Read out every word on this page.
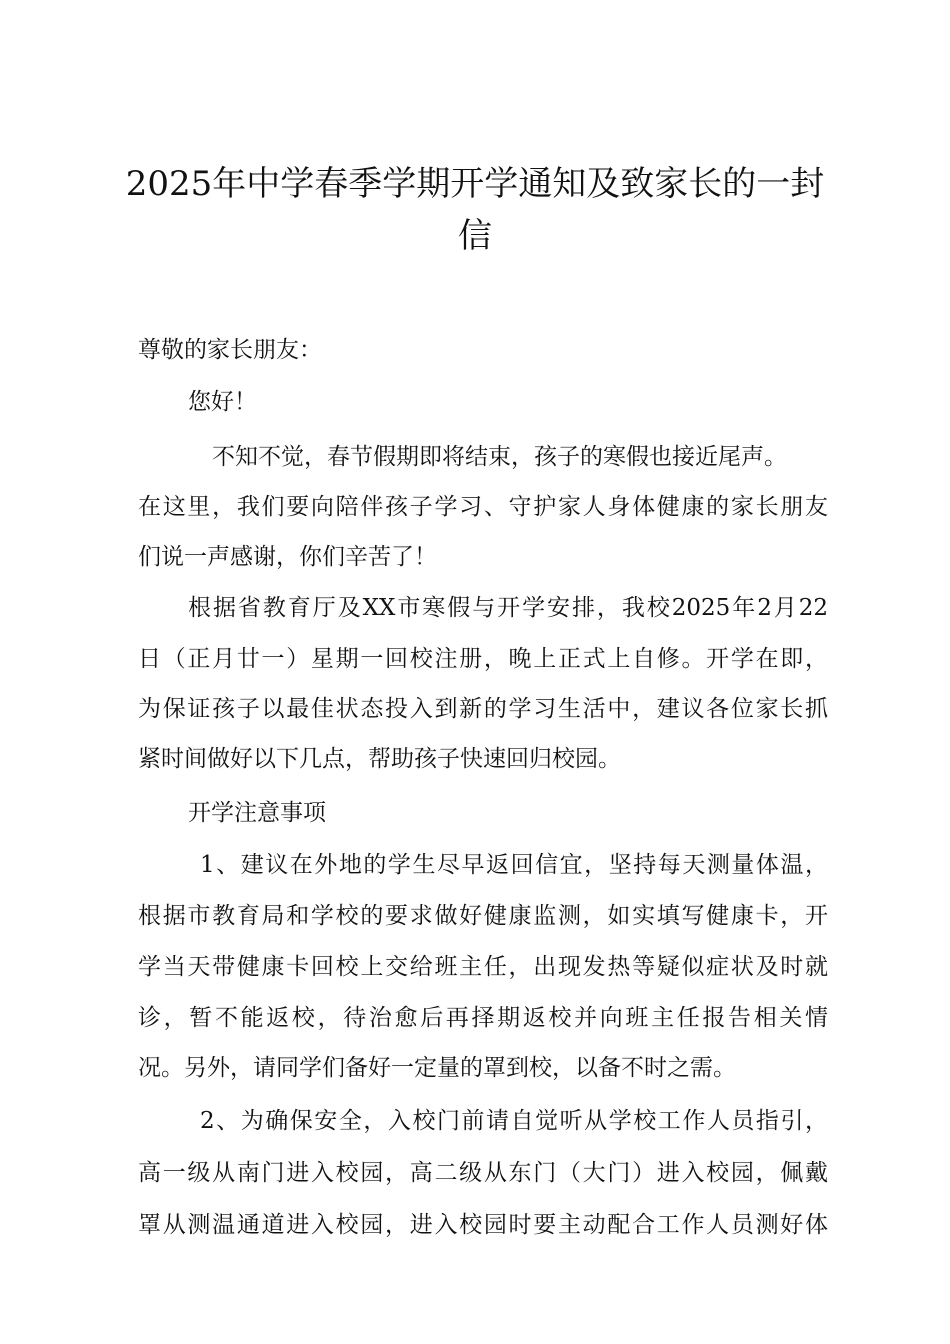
2025年中学春季学期开学通知及致家长的一封
信
尊敬的家长朋友：
您好！
不知不觉，春节假期即将结束，孩子的寒假也接近尾声。
在这里，我们要向陪伴孩子学习、守护家人身体健康的家长朋友
们说一声感谢，你们辛苦了！
根据省教育厅及XX市寒假与开学安排，我校2025年2月22
日（正月廿一）星期一回校注册，晚上正式上自修。开学在即，
为保证孩子以最佳状态投入到新的学习生活中，建议各位家长抓
紧时间做好以下几点，帮助孩子快速回归校园。
开学注意事项
1、建议在外地的学生尽早返回信宜，坚持每天测量体温，
根据市教育局和学校的要求做好健康监测，如实填写健康卡，开
学当天带健康卡回校上交给班主任，出现发热等疑似症状及时就
诊，暂不能返校，待治愈后再择期返校并向班主任报告相关情
况。另外，请同学们备好一定量的罩到校，以备不时之需。
2、为确保安全，入校门前请自觉听从学校工作人员指引，
高一级从南门进入校园，高二级从东门（大门）进入校园，佩戴
罩从测温通道进入校园，进入校园时要主动配合工作人员测好体
